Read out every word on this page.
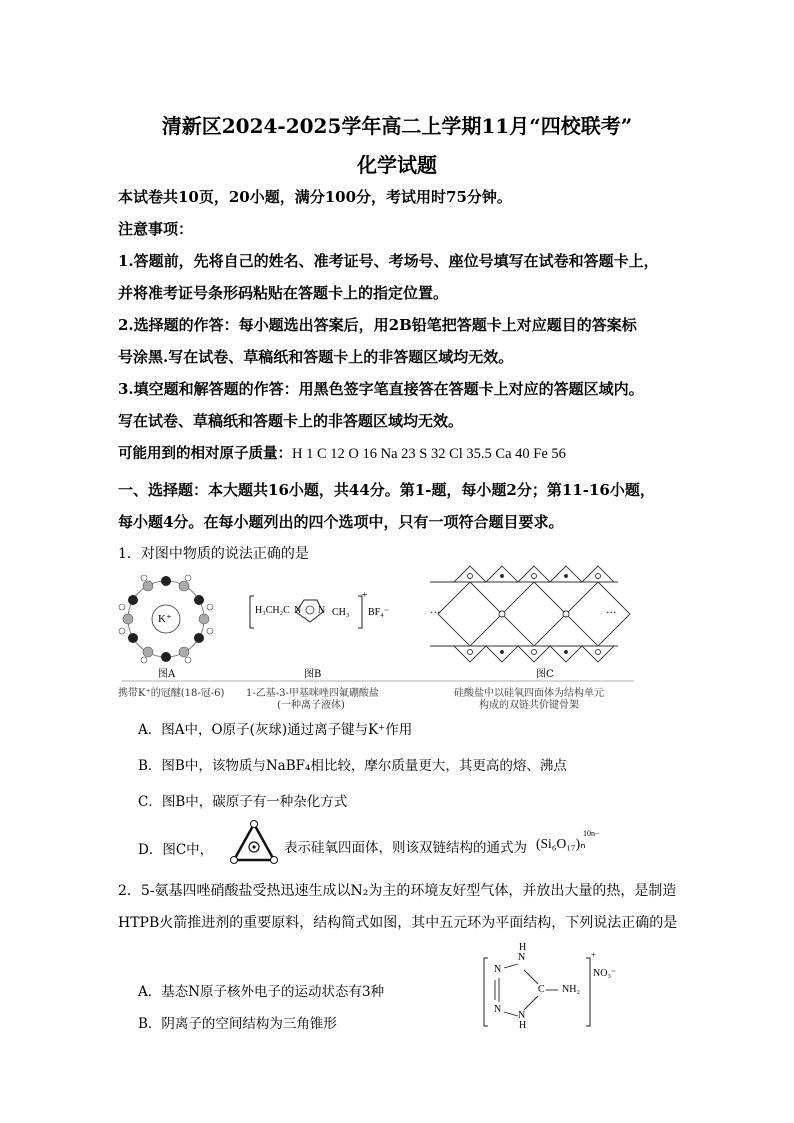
清新区2024-2025学年高二上学期11月“四校联考”
化学试题
本试卷共10页，20小题，满分100分，考试用时75分钟。
注意事项：
1.答题前，先将自己的姓名、准考证号、考场号、座位号填写在试卷和答题卡上，
并将准考证号条形码粘贴在答题卡上的指定位置。
2.选择题的作答：每小题选出答案后，用2B铅笔把答题卡上对应题目的答案标
号涂黑.写在试卷、草稿纸和答题卡上的非答题区域均无效。
3.填空题和解答题的作答：用黑色签字笔直接答在答题卡上对应的答题区域内。
写在试卷、草稿纸和答题卡上的非答题区域均无效。
可能用到的相对原子质量：H 1 C 12 O 16 Na 23 S 32 Cl 35.5 Ca 40 Fe 56
一、选择题：本大题共16小题，共44分。第1-题，每小题2分；第11-16小题，
每小题4分。在每小题列出的四个选项中，只有一项符合题目要求。
1．对图中物质的说法正确的是
K⁺
H₃CH₂C N N CH₃
+
BF₄⁻	···	···
图A	图B	图C
携带K⁺的冠醚(18-冠-6) 1-乙基-3-甲基咪唑四氟硼酸盐
(一种离子液体)
硅酸盐中以硅氧四面体为结构单元
构成的双链共价键骨架
A．图A中，O原子(灰球)通过离子键与K⁺作用
B．图B中，该物质与NaBF₄相比较，摩尔质量更大，其更高的熔、沸点
C．图B中，碳原子有一种杂化方式
D．图C中，	表示硅氧四面体，则该双链结构的通式为 (Si₆O₁₇)ₙ
10n−
2．5-氨基四唑硝酸盐受热迅速生成以N₂为主的环境友好型气体，并放出大量的热，是制造
HTPB火箭推进剂的重要原料，结构简式如图，其中五元环为平面结构，下列说法正确的是
A．基态N原子核外电子的运动状态有3种
B．阴离子的空间结构为三角锥形
N
H
N
N
N
H
C NH₂
+
NO₃⁻
